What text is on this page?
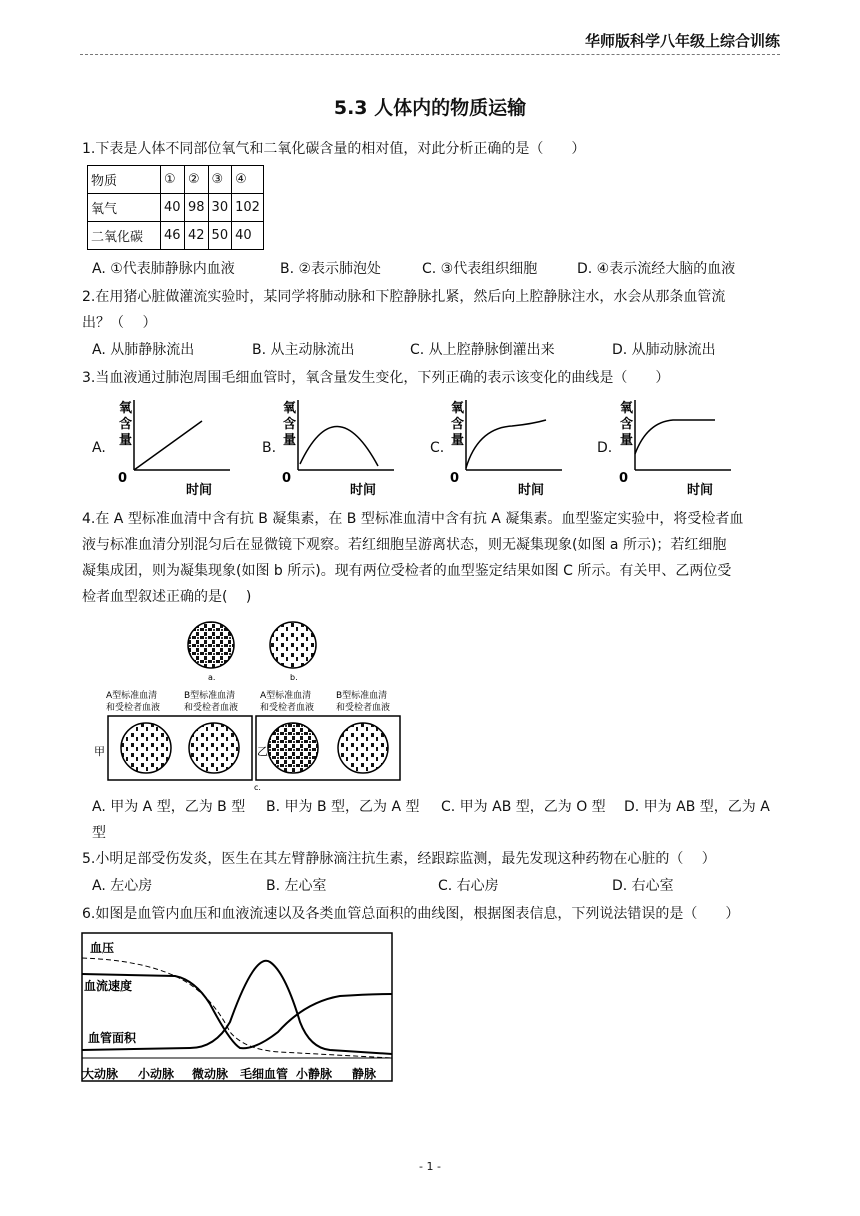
华师版科学八年级上综合训练
5.3 人体内的物质运输
1.下表是人体不同部位氧气和二氧化碳含量的相对值，对此分析正确的是（　　）
物质	①	②	③	④
氧气	40	98	30	102
二氧化碳	46	42	50	40
A. ①代表肺静脉内血液	B. ②表示肺泡处	C. ③代表组织细胞	D. ④表示流经大脑的血液
2.在用猪心脏做灌流实验时，某同学将肺动脉和下腔静脉扎紧，然后向上腔静脉注水，水会从那条血管流
出？（　 ）
A. 从肺静脉流出	B. 从主动脉流出	C. 从上腔静脉倒灌出来	D. 从肺动脉流出
3.当血液通过肺泡周围毛细血管时，氧含量发生变化，下列正确的表示该变化的曲线是（　　）
A.
氧
含
量
0
时间
B.
氧
含
量
0
时间
C.
氧
含
量
0
时间
D.
氧
含
量
0
时间
4.在 A 型标准血清中含有抗 B 凝集素，在 B 型标准血清中含有抗 A 凝集素。血型鉴定实验中，将受检者血
液与标准血清分别混匀后在显微镜下观察。若红细胞呈游离状态，则无凝集现象(如图 a 所示)；若红细胞
凝集成团，则为凝集现象(如图 b 所示)。现有两位受检者的血型鉴定结果如图 C 所示。有关甲、乙两位受
检者血型叙述正确的是(　 )
a.	b.
A型标准血清
和受检者血液
B型标准血清
和受检者血液
A型标准血清
和受检者血液
B型标准血清
和受检者血液
甲	乙
c.
A. 甲为 A 型，乙为 B 型 B. 甲为 B 型，乙为 A 型 C. 甲为 AB 型，乙为 O 型 D. 甲为 AB 型，乙为 A
型
5.小明足部受伤发炎，医生在其左臂静脉滴注抗生素，经跟踪监测，最先发现这种药物在心脏的（　 ）
A. 左心房	B. 左心室	C. 右心房	D. 右心室
6.如图是血管内血压和血液流速以及各类血管总面积的曲线图，根据图表信息，下列说法错误的是（　　）
血压
血流速度
血管面积
大动脉 小动脉 微动脉 毛细血管 小静脉 静脉
- 1 -
